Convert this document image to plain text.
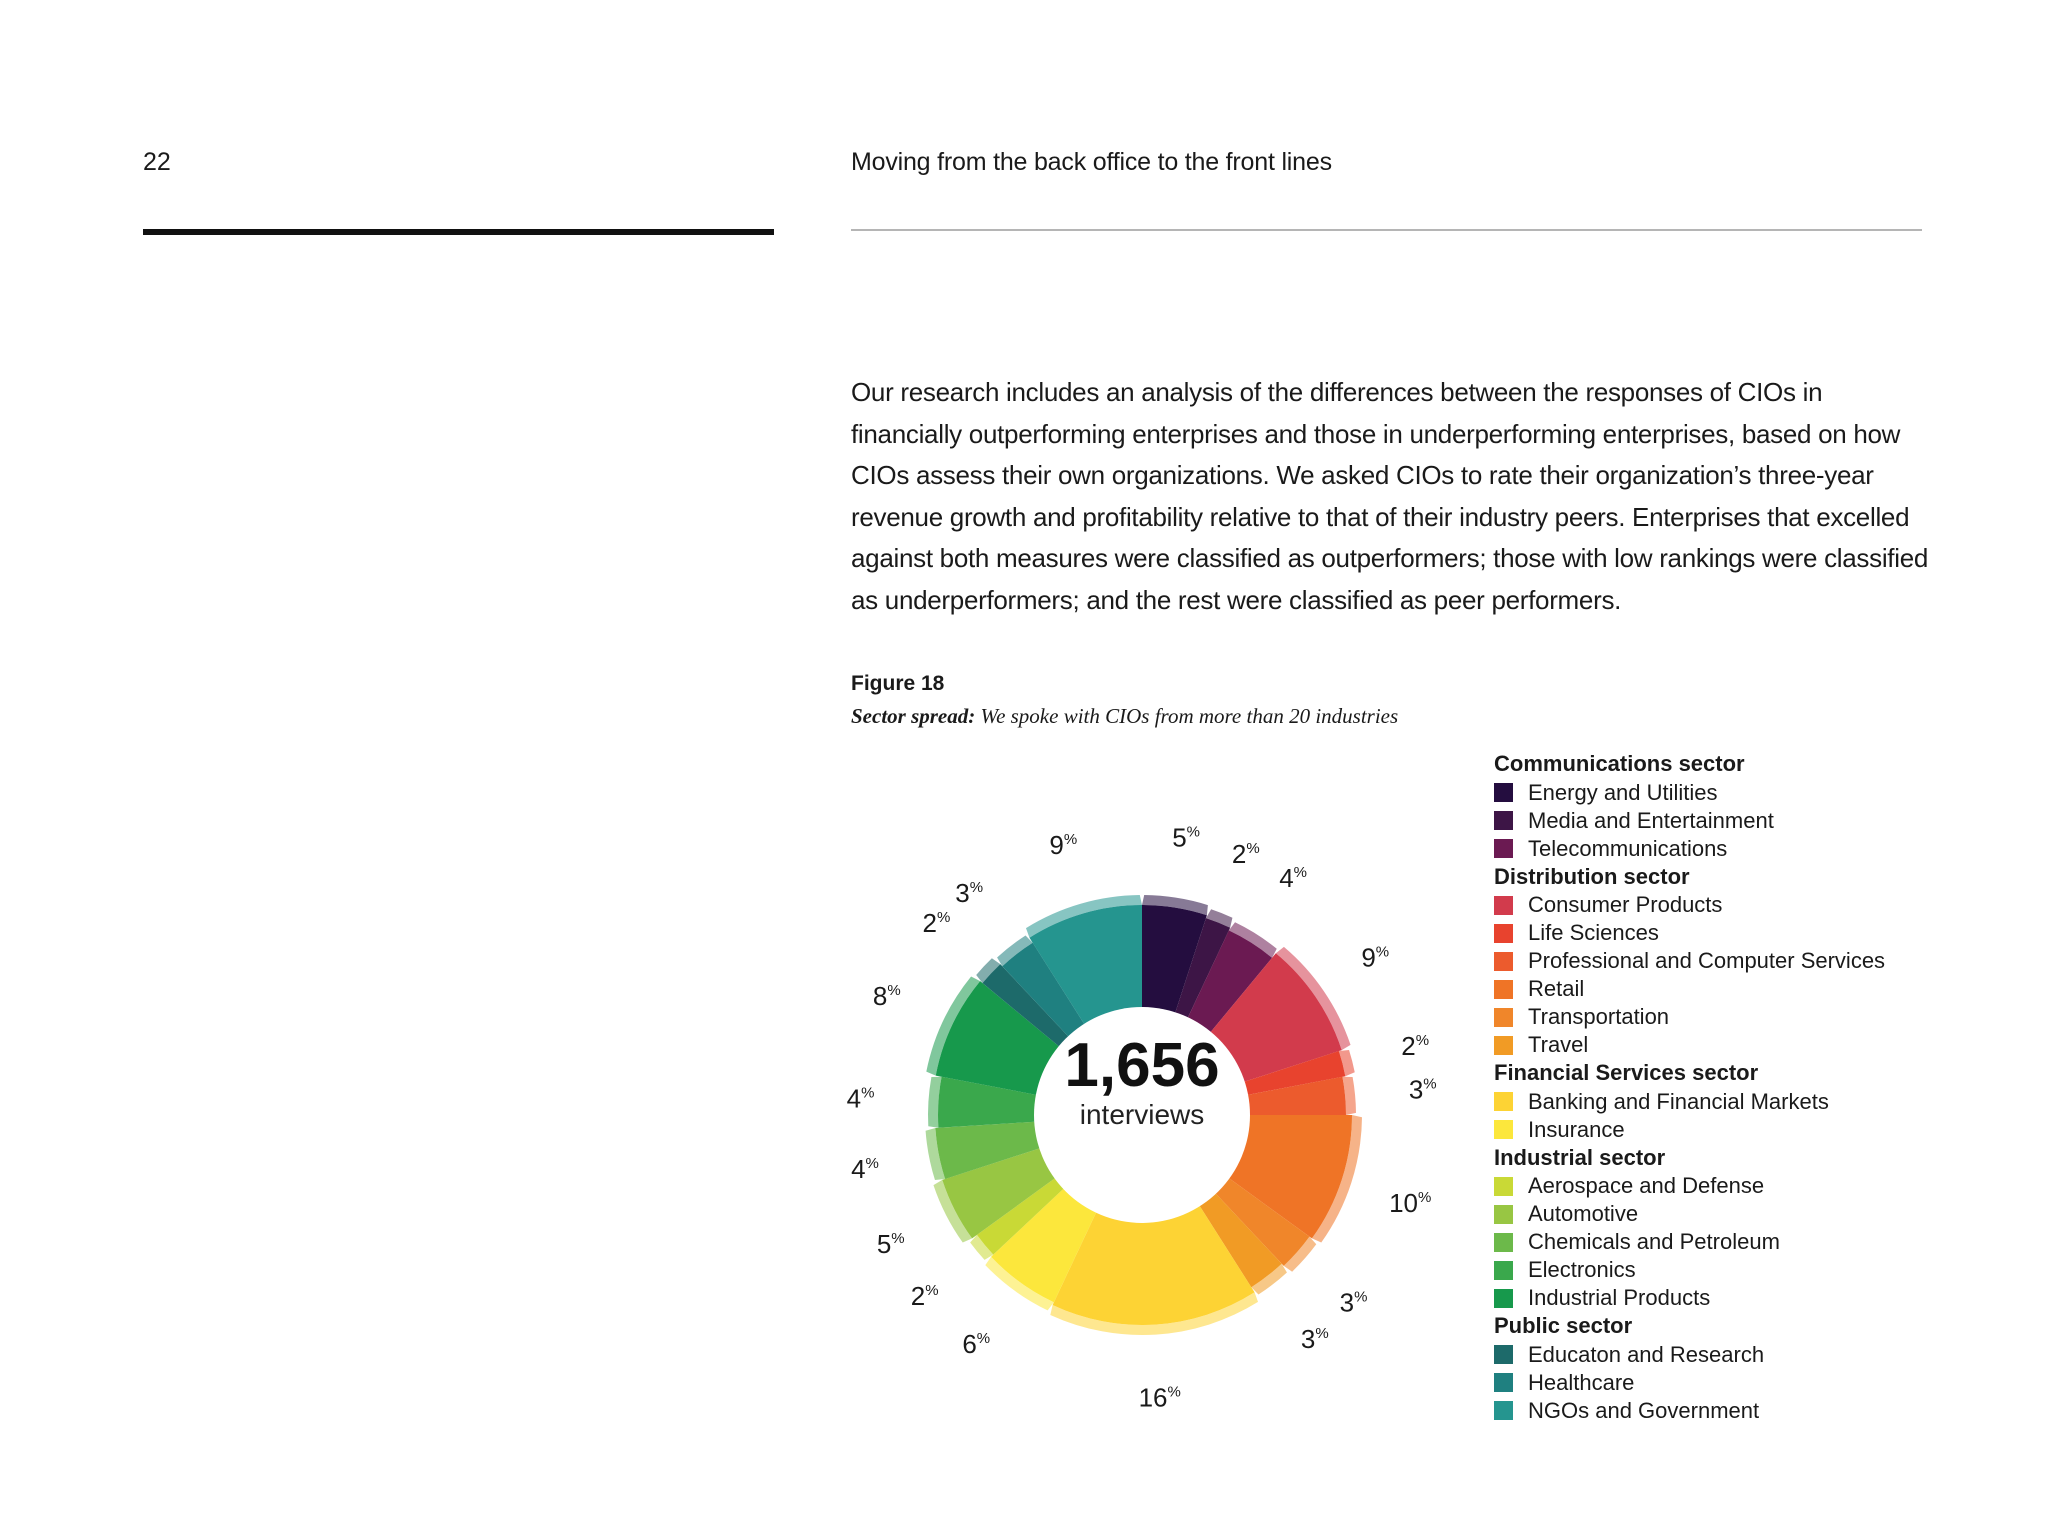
22	Moving from the back office to the front lines

Our research includes an analysis of the differences between the responses of CIOs in financially outperforming enterprises and those in underperforming enterprises, based on how CIOs assess their own organizations. We asked CIOs to rate their organization’s three-year revenue growth and profitability relative to that of their industry peers. Enterprises that excelled against both measures were classified as outperformers; those with low rankings were classified as underperformers; and the rest were classified as peer performers.

Figure 18
Sector spread: We spoke with CIOs from more than 20 industries
1,656
interviews
5%
2%
4%
9%
2%
3%
10%
3%
3%
16%
6%
2%
5%
4%
4%
8%
2%
3%
9%
Communications sector
Energy and Utilities
Media and Entertainment
Telecommunications
Distribution sector
Consumer Products
Life Sciences
Professional and Computer Services
Retail
Transportation
Travel
Financial Services sector
Banking and Financial Markets
Insurance
Industrial sector
Aerospace and Defense
Automotive
Chemicals and Petroleum
Electronics
Industrial Products
Public sector
Educaton and Research
Healthcare
NGOs and Government
